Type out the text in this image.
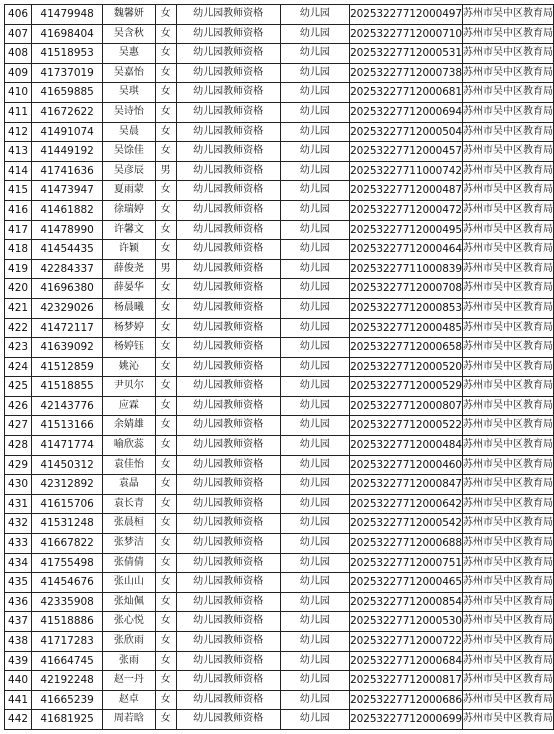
406	41479948	魏馨妍	女	幼儿园教师资格	幼儿园	20253227712000497	苏州市吴中区教育局
407	41698404	吴含秋	女	幼儿园教师资格	幼儿园	20253227712000710	苏州市吴中区教育局
408	41518953	吴惠	女	幼儿园教师资格	幼儿园	20253227712000531	苏州市吴中区教育局
409	41737019	吴嘉怡	女	幼儿园教师资格	幼儿园	20253227712000738	苏州市吴中区教育局
410	41659885	吴琪	女	幼儿园教师资格	幼儿园	20253227712000681	苏州市吴中区教育局
411	41672622	吴诗怡	女	幼儿园教师资格	幼儿园	20253227712000694	苏州市吴中区教育局
412	41491074	吴晨	女	幼儿园教师资格	幼儿园	20253227712000504	苏州市吴中区教育局
413	41449192	吴馀佳	女	幼儿园教师资格	幼儿园	20253227712000457	苏州市吴中区教育局
414	41741636	吴彦辰	男	幼儿园教师资格	幼儿园	20253227711000742	苏州市吴中区教育局
415	41473947	夏雨蒙	女	幼儿园教师资格	幼儿园	20253227712000487	苏州市吴中区教育局
416	41461882	徐瑞婷	女	幼儿园教师资格	幼儿园	20253227712000472	苏州市吴中区教育局
417	41478990	许馨文	女	幼儿园教师资格	幼儿园	20253227712000495	苏州市吴中区教育局
418	41454435	许颖	女	幼儿园教师资格	幼儿园	20253227712000464	苏州市吴中区教育局
419	42284337	薛俊尧	男	幼儿园教师资格	幼儿园	20253227711000839	苏州市吴中区教育局
420	41696380	薛晏华	女	幼儿园教师资格	幼儿园	20253227712000708	苏州市吴中区教育局
421	42329026	杨晨曦	女	幼儿园教师资格	幼儿园	20253227712000853	苏州市吴中区教育局
422	41472117	杨梦婷	女	幼儿园教师资格	幼儿园	20253227712000485	苏州市吴中区教育局
423	41639092	杨婷钰	女	幼儿园教师资格	幼儿园	20253227712000658	苏州市吴中区教育局
424	41512859	姚沁	女	幼儿园教师资格	幼儿园	20253227712000520	苏州市吴中区教育局
425	41518855	尹贝尔	女	幼儿园教师资格	幼儿园	20253227712000529	苏州市吴中区教育局
426	42143776	应霖	女	幼儿园教师资格	幼儿园	20253227712000807	苏州市吴中区教育局
427	41513166	余婧雄	女	幼儿园教师资格	幼儿园	20253227712000522	苏州市吴中区教育局
428	41471774	喻欣蕊	女	幼儿园教师资格	幼儿园	20253227712000484	苏州市吴中区教育局
429	41450312	袁佳怡	女	幼儿园教师资格	幼儿园	20253227712000460	苏州市吴中区教育局
430	42312892	袁晶	女	幼儿园教师资格	幼儿园	20253227712000847	苏州市吴中区教育局
431	41615706	袁长青	女	幼儿园教师资格	幼儿园	20253227712000642	苏州市吴中区教育局
432	41531248	张晨桓	女	幼儿园教师资格	幼儿园	20253227712000542	苏州市吴中区教育局
433	41667822	张梦洁	女	幼儿园教师资格	幼儿园	20253227712000688	苏州市吴中区教育局
434	41755498	张倩倩	女	幼儿园教师资格	幼儿园	20253227712000751	苏州市吴中区教育局
435	41454676	张山山	女	幼儿园教师资格	幼儿园	20253227712000465	苏州市吴中区教育局
436	42335908	张灿佩	女	幼儿园教师资格	幼儿园	20253227712000854	苏州市吴中区教育局
437	41518886	张心悦	女	幼儿园教师资格	幼儿园	20253227712000530	苏州市吴中区教育局
438	41717283	张欣雨	女	幼儿园教师资格	幼儿园	20253227712000722	苏州市吴中区教育局
439	41664745	张雨	女	幼儿园教师资格	幼儿园	20253227712000684	苏州市吴中区教育局
440	42192248	赵一丹	女	幼儿园教师资格	幼儿园	20253227712000817	苏州市吴中区教育局
441	41665239	赵卓	女	幼儿园教师资格	幼儿园	20253227712000686	苏州市吴中区教育局
442	41681925	周若晗	女	幼儿园教师资格	幼儿园	20253227712000699	苏州市吴中区教育局
